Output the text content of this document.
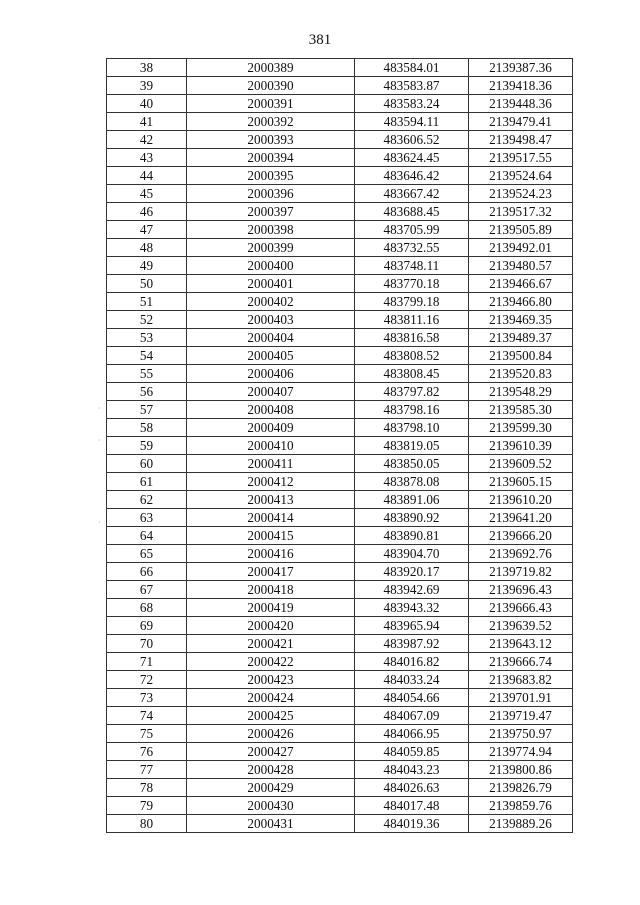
381
·
·
·
38	2000389	483584.01	2139387.36
39	2000390	483583.87	2139418.36
40	2000391	483583.24	2139448.36
41	2000392	483594.11	2139479.41
42	2000393	483606.52	2139498.47
43	2000394	483624.45	2139517.55
44	2000395	483646.42	2139524.64
45	2000396	483667.42	2139524.23
46	2000397	483688.45	2139517.32
47	2000398	483705.99	2139505.89
48	2000399	483732.55	2139492.01
49	2000400	483748.11	2139480.57
50	2000401	483770.18	2139466.67
51	2000402	483799.18	2139466.80
52	2000403	483811.16	2139469.35
53	2000404	483816.58	2139489.37
54	2000405	483808.52	2139500.84
55	2000406	483808.45	2139520.83
56	2000407	483797.82	2139548.29
57	2000408	483798.16	2139585.30
58	2000409	483798.10	2139599.30
59	2000410	483819.05	2139610.39
60	2000411	483850.05	2139609.52
61	2000412	483878.08	2139605.15
62	2000413	483891.06	2139610.20
63	2000414	483890.92	2139641.20
64	2000415	483890.81	2139666.20
65	2000416	483904.70	2139692.76
66	2000417	483920.17	2139719.82
67	2000418	483942.69	2139696.43
68	2000419	483943.32	2139666.43
69	2000420	483965.94	2139639.52
70	2000421	483987.92	2139643.12
71	2000422	484016.82	2139666.74
72	2000423	484033.24	2139683.82
73	2000424	484054.66	2139701.91
74	2000425	484067.09	2139719.47
75	2000426	484066.95	2139750.97
76	2000427	484059.85	2139774.94
77	2000428	484043.23	2139800.86
78	2000429	484026.63	2139826.79
79	2000430	484017.48	2139859.76
80	2000431	484019.36	2139889.26
